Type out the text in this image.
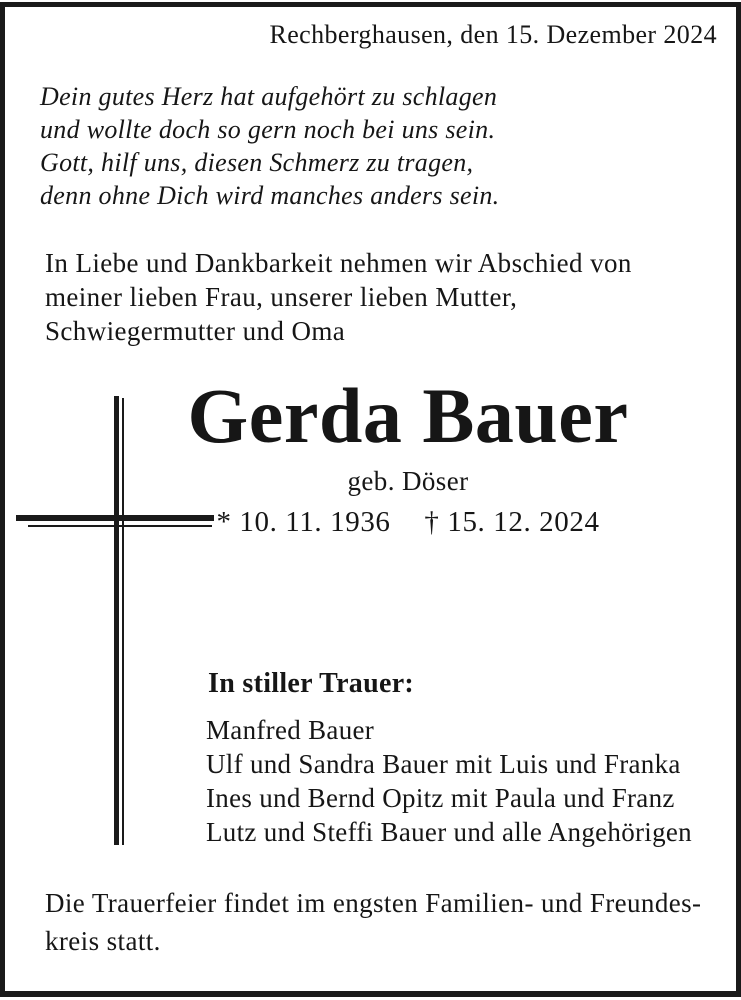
Rechberghausen, den 15. Dezember 2024
Dein gutes Herz hat aufgehört zu schlagen
und wollte doch so gern noch bei uns sein.
Gott, hilf uns, diesen Schmerz zu tragen,
denn ohne Dich wird manches anders sein.
In Liebe und Dankbarkeit nehmen wir Abschied von
meiner lieben Frau, unserer lieben Mutter,
Schwiegermutter und Oma
Gerda Bauer
geb. Döser
* 10. 11. 1936 † 15. 12. 2024
In stiller Trauer:
Manfred Bauer
Ulf und Sandra Bauer mit Luis und Franka
Ines und Bernd Opitz mit Paula und Franz
Lutz und Steffi Bauer und alle Angehörigen
Die Trauerfeier findet im engsten Familien- und Freundes-
kreis statt.
